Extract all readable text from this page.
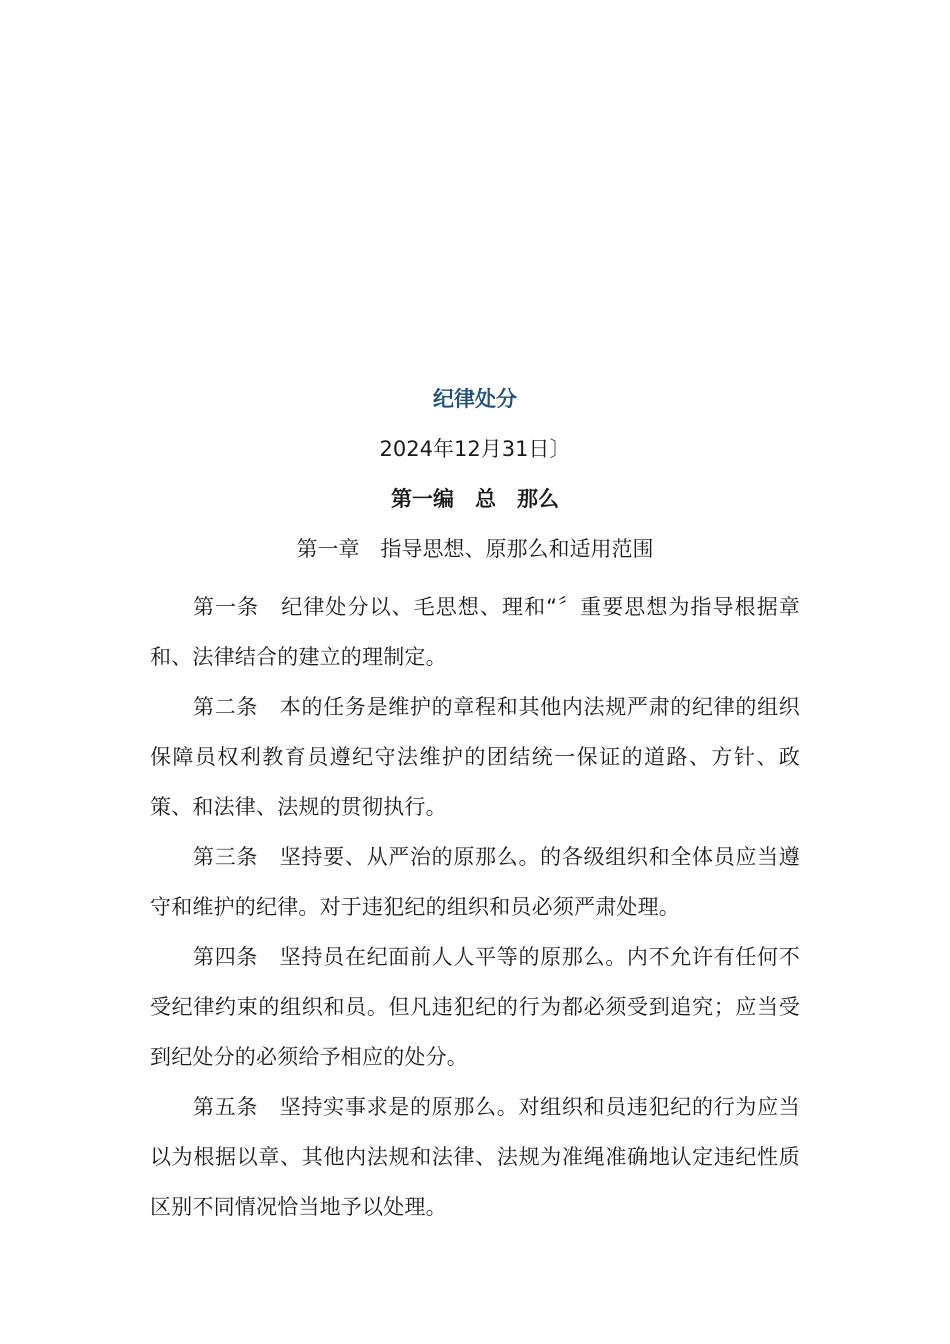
纪律处分
2024年12月31日〕
第一编　总　那么
第一章　指导思想、原那么和适用范围

第一条　 纪律处分以、毛思想、理和“〞重要思想为指导根据章和、法律结合的建立的理制定。

第二条　 本的任务是维护的章程和其他内法规严肃的纪律的组织保障员权利教育员遵纪守法维护的团结统一保证的道路、方针、政策、和法律、法规的贯彻执行。

第三条　 坚持要、从严治的原那么。的各级组织和全体员应当遵守和维护的纪律。对于违犯纪的组织和员必须严肃处理。

第四条　 坚持员在纪面前人人平等的原那么。内不允许有任何不受纪律约束的组织和员。但凡违犯纪的行为都必须受到追究；应当受到纪处分的必须给予相应的处分。

第五条　 坚持实事求是的原那么。对组织和员违犯纪的行为应当以为根据以章、其他内法规和法律、法规为准绳准确地认定违纪性质区别不同情况恰当地予以处理。
